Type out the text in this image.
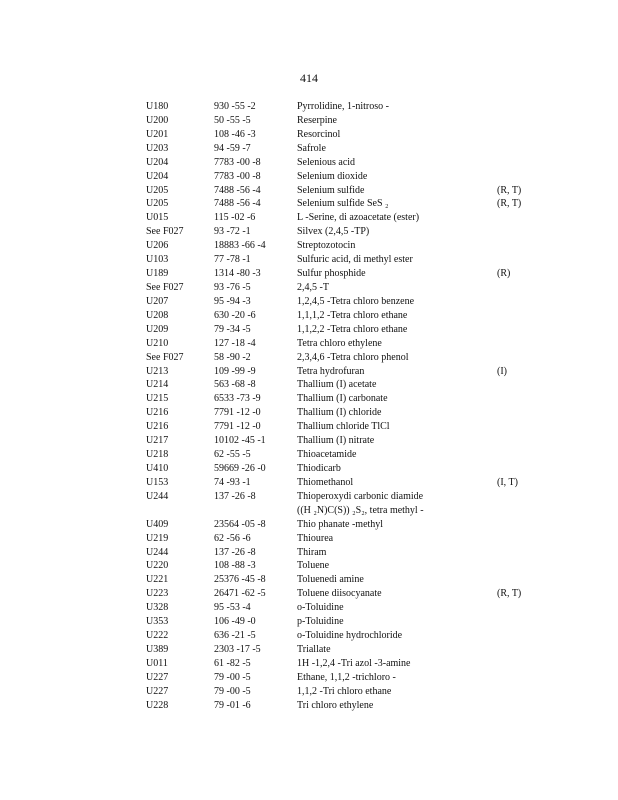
414
U180	930 -55 -2	Pyrrolidine, 1-nitroso -
U200	50 -55 -5	Reserpine
U201	108 -46 -3	Resorcinol
U203	94 -59 -7	Safrole
U204	7783 -00 -8	Selenious acid
U204	7783 -00 -8	Selenium dioxide
U205	7488 -56 -4	Selenium sulfide	(R, T)
U205	7488 -56 -4	Selenium sulfide SeS ₂	(R, T)
U015	115 -02 -6	L -Serine, di azoacetate (ester)
See F027	93 -72 -1	Silvex (2,4,5 -TP)
U206	18883 -66 -4	Streptozotocin
U103	77 -78 -1	Sulfuric acid, di methyl ester
U189	1314 -80 -3	Sulfur phosphide	(R)
See F027	93 -76 -5	2,4,5 -T
U207	95 -94 -3	1,2,4,5 -Tetra chloro benzene
U208	630 -20 -6	1,1,1,2 -Tetra chloro ethane
U209	79 -34 -5	1,1,2,2 -Tetra chloro ethane
U210	127 -18 -4	Tetra chloro ethylene
See F027	58 -90 -2	2,3,4,6 -Tetra chloro phenol
U213	109 -99 -9	Tetra hydrofuran	(I)
U214	563 -68 -8	Thallium (I) acetate
U215	6533 -73 -9	Thallium (I) carbonate
U216	7791 -12 -0	Thallium (I) chloride
U216	7791 -12 -0	Thallium chloride TlCl
U217	10102 -45 -1	Thallium (I) nitrate
U218	62 -55 -5	Thioacetamide
U410	59669 -26 -0	Thiodicarb
U153	74 -93 -1	Thiomethanol	(I, T)
U244	137 -26 -8	Thioperoxydi carbonic diamide
((H ₂N)C(S)) ₂S₂, tetra methyl -
U409	23564 -05 -8	Thio phanate -methyl
U219	62 -56 -6	Thiourea
U244	137 -26 -8	Thiram
U220	108 -88 -3	Toluene
U221	25376 -45 -8	Toluenedi amine
U223	26471 -62 -5	Toluene diisocyanate	(R, T)
U328	95 -53 -4	o-Toluidine
U353	106 -49 -0	p-Toluidine
U222	636 -21 -5	o-Toluidine hydrochloride
U389	2303 -17 -5	Triallate
U011	61 -82 -5	1H -1,2,4 -Tri azol -3-amine
U227	79 -00 -5	Ethane, 1,1,2 -trichloro -
U227	79 -00 -5	1,1,2 -Tri chloro ethane
U228	79 -01 -6	Tri chloro ethylene
